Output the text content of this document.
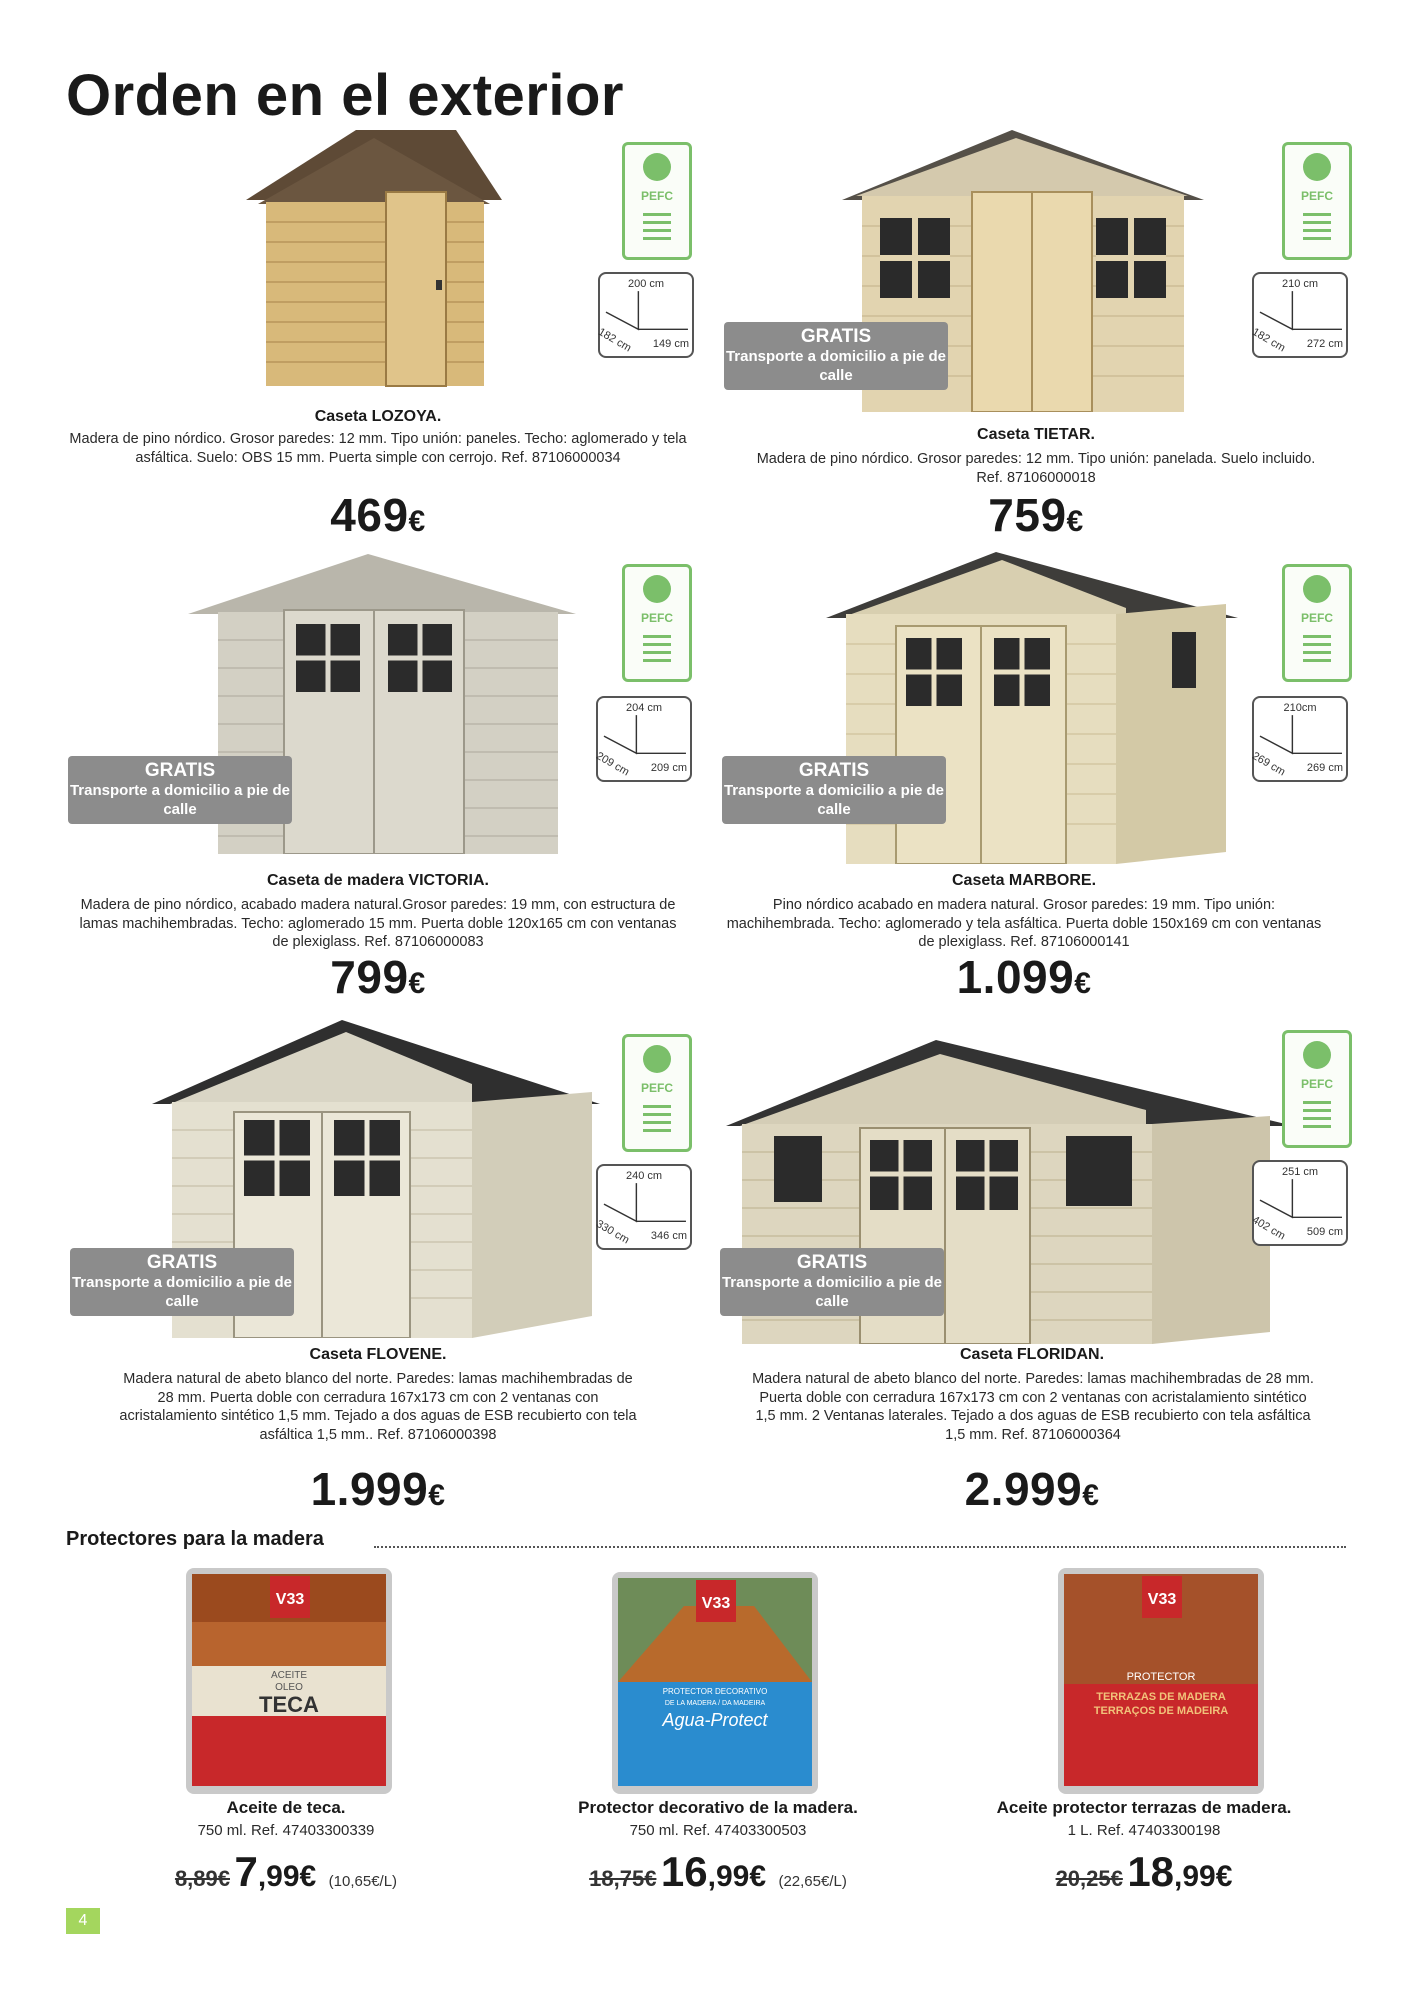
Orden en el exterior
PEFC
200 cm
182 cm 149 cm
Caseta LOZOYA.
Madera de pino nórdico. Grosor paredes: 12 mm. Tipo unión: paneles. Techo: aglomerado y tela asfáltica. Suelo: OBS 15 mm. Puerta simple con cerrojo. Ref. 87106000034
469€
PEFC
210 cm
182 cm 272 cm
GRATIS
Transporte a domicilio a pie de calle
Caseta TIETAR.
Madera de pino nórdico. Grosor paredes: 12 mm. Tipo unión: panelada. Suelo incluido. Ref. 87106000018
759€
PEFC
204 cm
209 cm 209 cm
GRATIS
Transporte a domicilio a pie de calle
Caseta de madera VICTORIA.
Madera de pino nórdico, acabado madera natural.Grosor paredes: 19 mm, con estructura de lamas machihembradas. Techo: aglomerado 15 mm. Puerta doble 120x165 cm con ventanas de plexiglass. Ref. 87106000083
799€
PEFC
210cm
269 cm 269 cm
GRATIS
Transporte a domicilio a pie de calle
Caseta MARBORE.
Pino nórdico acabado en madera natural. Grosor paredes: 19 mm. Tipo unión: machihembrada. Techo: aglomerado y tela asfáltica. Puerta doble 150x169 cm con ventanas de plexiglass. Ref. 87106000141
1.099€
PEFC
240 cm
330 cm 346 cm
GRATIS
Transporte a domicilio a pie de calle
Caseta FLOVENE.
Madera natural de abeto blanco del norte. Paredes: lamas machihembradas de 28 mm. Puerta doble con cerradura 167x173 cm con 2 ventanas con acristalamiento sintético 1,5 mm. Tejado a dos aguas de ESB recubierto con tela asfáltica 1,5 mm.. Ref. 87106000398
1.999€
PEFC
251 cm
402 cm 509 cm
GRATIS
Transporte a domicilio a pie de calle
Caseta FLORIDAN.
Madera natural de abeto blanco del norte. Paredes: lamas machihembradas de 28 mm. Puerta doble con cerradura 167x173 cm con 2 ventanas con acristalamiento sintético 1,5 mm. 2 Ventanas laterales. Tejado a dos aguas de ESB recubierto con tela asfáltica 1,5 mm. Ref. 87106000364
2.999€
Protectores para la madera
V33
ACEITE
OLEO
TECA
Aceite de teca.
750 ml. Ref. 47403300339
8,89€ 7,99€ (10,65€/L)
V33
PROTECTOR DECORATIVO
DE LA MADERA / DA MADEIRA
Agua-Protect
Protector decorativo de la madera.
750 ml. Ref. 47403300503
18,75€ 16,99€ (22,65€/L)
V33
PROTECTOR
TERRAZAS DE MADERA
TERRAÇOS DE MADEIRA
Aceite protector terrazas de madera.
1 L. Ref. 47403300198
20,25€ 18,99€
4
